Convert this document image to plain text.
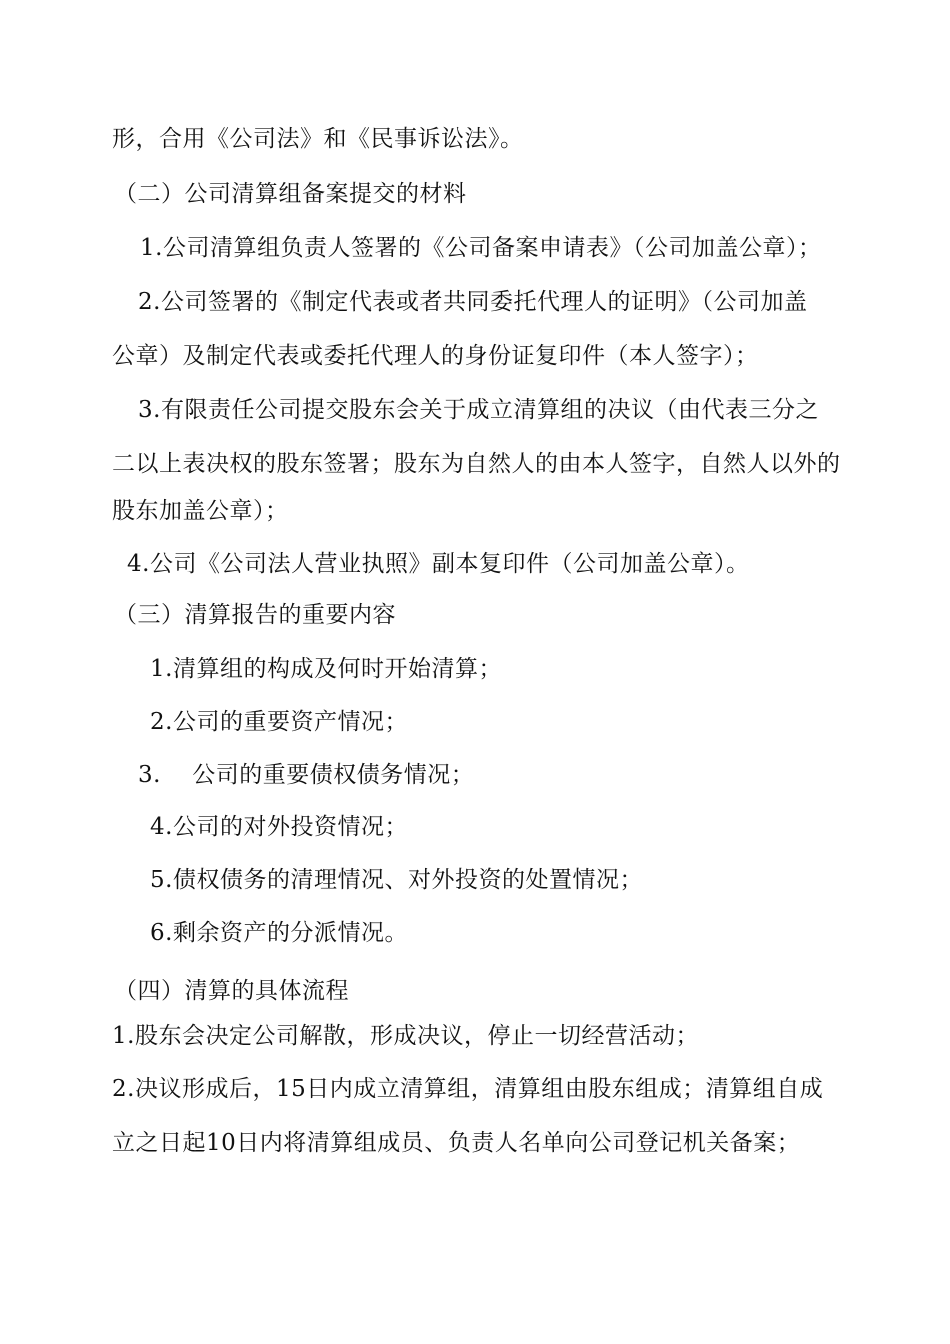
形，合用《公司法》和《民事诉讼法》。
（二）公司清算组备案提交的材料
1.公司清算组负责人签署的《公司备案申请表》（公司加盖公章）；
2.公司签署的《制定代表或者共同委托代理人的证明》（公司加盖
公章）及制定代表或委托代理人的身份证复印件（本人签字）；
3.有限责任公司提交股东会关于成立清算组的决议（由代表三分之
二以上表决权的股东签署；股东为自然人的由本人签字，自然人以外的
股东加盖公章）；
4.公司《公司法人营业执照》副本复印件（公司加盖公章）。
（三）清算报告的重要内容
1.清算组的构成及何时开始清算；
2.公司的重要资产情况；
3.　 公司的重要债权债务情况；
4.公司的对外投资情况；
5.债权债务的清理情况、对外投资的处置情况；
6.剩余资产的分派情况。
（四）清算的具体流程
1.股东会决定公司解散，形成决议，停止一切经营活动；
2.决议形成后，15日内成立清算组，清算组由股东组成；清算组自成
立之日起10日内将清算组成员、负责人名单向公司登记机关备案；
